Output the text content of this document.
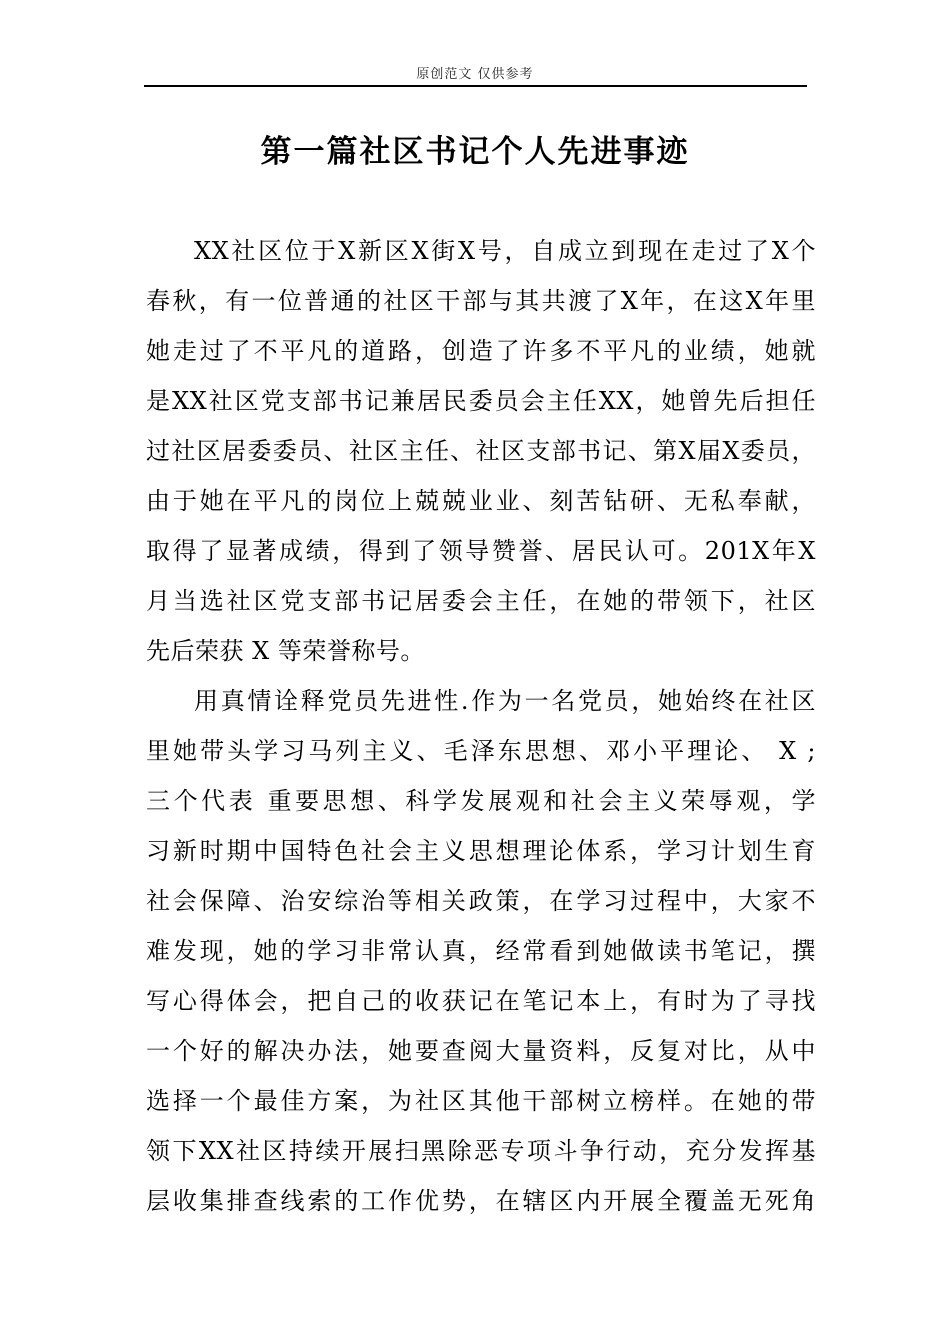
原创范文 仅供参考
第一篇社区书记个人先进事迹
XX社区位于X新区X街X号，自成立到现在走过了X个
春秋，有一位普通的社区干部与其共渡了X年，在这X年里
她走过了不平凡的道路，创造了许多不平凡的业绩，她就
是XX社区党支部书记兼居民委员会主任XX，她曾先后担任
过社区居委委员、社区主任、社区支部书记、第X届X委员，
由于她在平凡的岗位上兢兢业业、刻苦钻研、无私奉献，
取得了显著成绩，得到了领导赞誉、居民认可。201X年X
月当选社区党支部书记居委会主任，在她的带领下，社区
先后荣获 X 等荣誉称号。
用真情诠释党员先进性.作为一名党员，她始终在社区
里她带头学习马列主义、毛泽东思想、邓小平理论、 X ;
三个代表 重要思想、科学发展观和社会主义荣辱观，学
习新时期中国特色社会主义思想理论体系，学习计划生育
社会保障、治安综治等相关政策，在学习过程中，大家不
难发现，她的学习非常认真，经常看到她做读书笔记，撰
写心得体会，把自己的收获记在笔记本上，有时为了寻找
一个好的解决办法，她要查阅大量资料，反复对比，从中
选择一个最佳方案，为社区其他干部树立榜样。在她的带
领下XX社区持续开展扫黑除恶专项斗争行动，充分发挥基
层收集排查线索的工作优势，在辖区内开展全覆盖无死角
